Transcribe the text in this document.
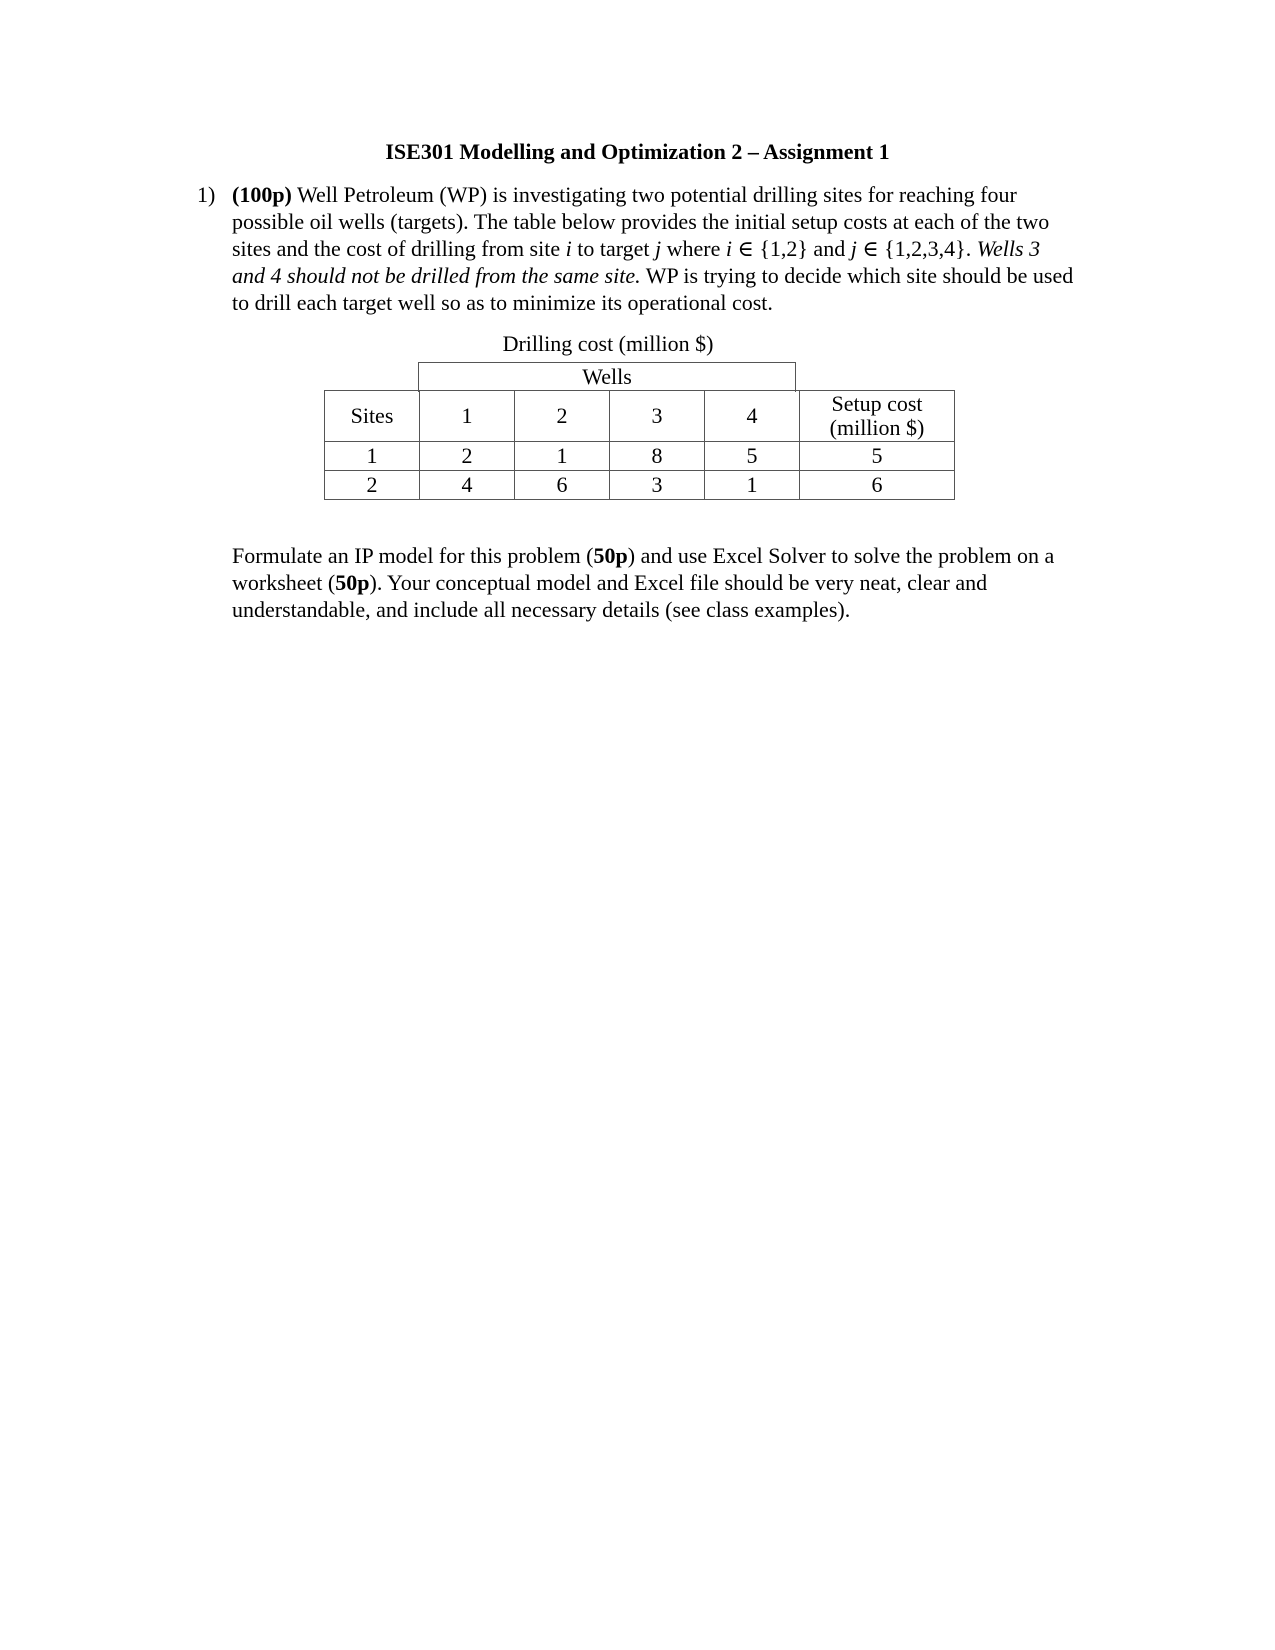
ISE301 Modelling and Optimization 2 – Assignment 1
1) (100p) Well Petroleum (WP) is investigating two potential drilling sites for reaching four possible oil wells (targets). The table below provides the initial setup costs at each of the two sites and the cost of drilling from site i to target j where i ∈ {1,2} and j ∈ {1,2,3,4}. Wells 3 and 4 should not be drilled from the same site. WP is trying to decide which site should be used to drill each target well so as to minimize its operational cost.
Drilling cost (million $)
Wells
Sites	1	2	3	4	Setup cost
(million $)
1	2	1	8	5	5
2	4	6	3	1	6
Formulate an IP model for this problem (50p) and use Excel Solver to solve the problem on a worksheet (50p). Your conceptual model and Excel file should be very neat, clear and understandable, and include all necessary details (see class examples).
